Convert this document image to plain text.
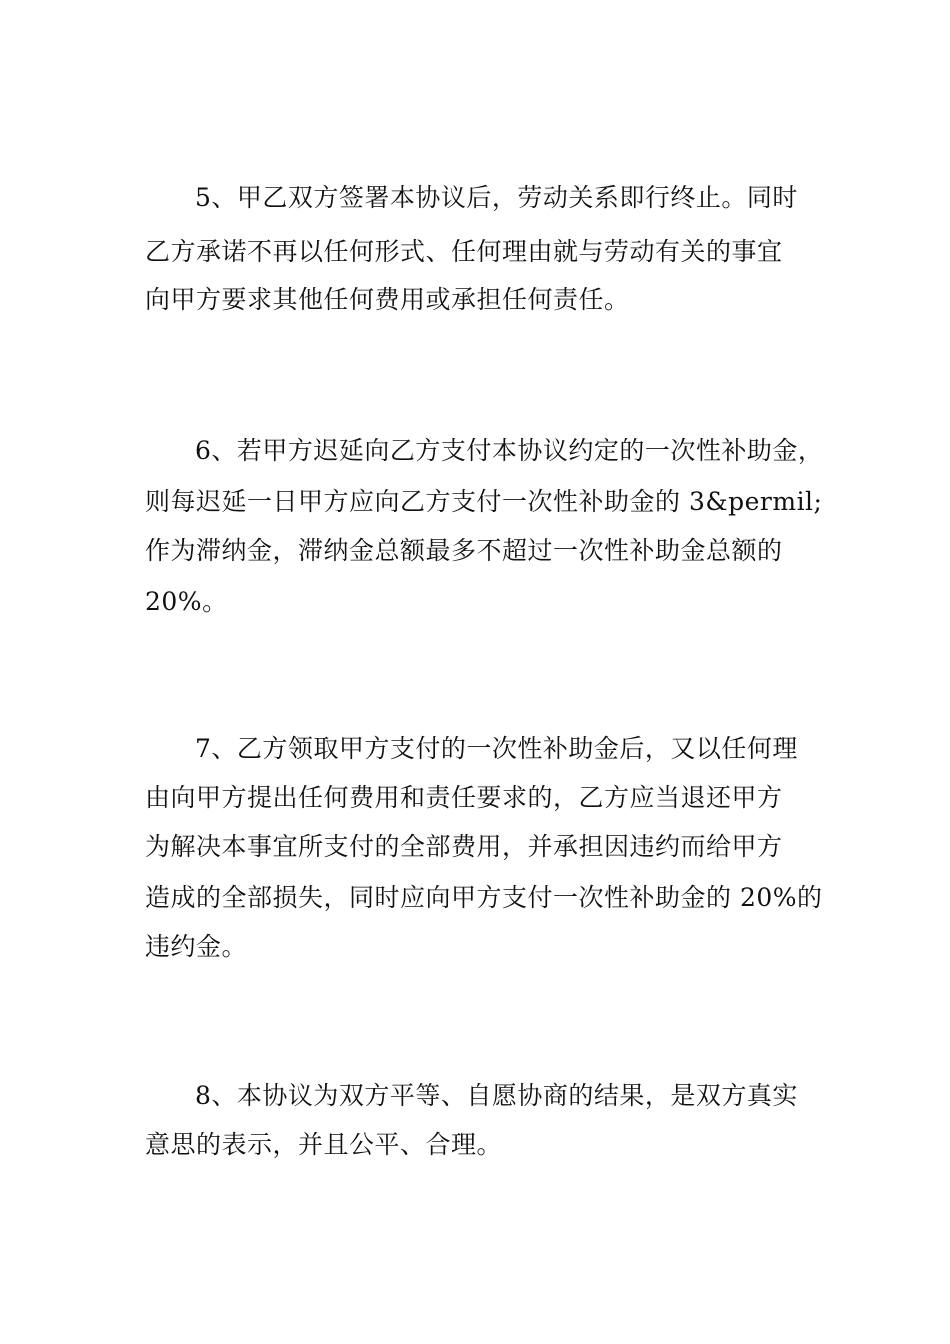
5、甲乙双方签署本协议后，劳动关系即行终止。同时
乙方承诺不再以任何形式、任何理由就与劳动有关的事宜
向甲方要求其他任何费用或承担任何责任。
6、若甲方迟延向乙方支付本协议约定的一次性补助金，
则每迟延一日甲方应向乙方支付一次性补助金的 3&permil;
作为滞纳金，滞纳金总额最多不超过一次性补助金总额的
20%。
7、乙方领取甲方支付的一次性补助金后，又以任何理
由向甲方提出任何费用和责任要求的，乙方应当退还甲方
为解决本事宜所支付的全部费用，并承担因违约而给甲方
造成的全部损失，同时应向甲方支付一次性补助金的 20%的
违约金。
8、本协议为双方平等、自愿协商的结果，是双方真实
意思的表示，并且公平、合理。
